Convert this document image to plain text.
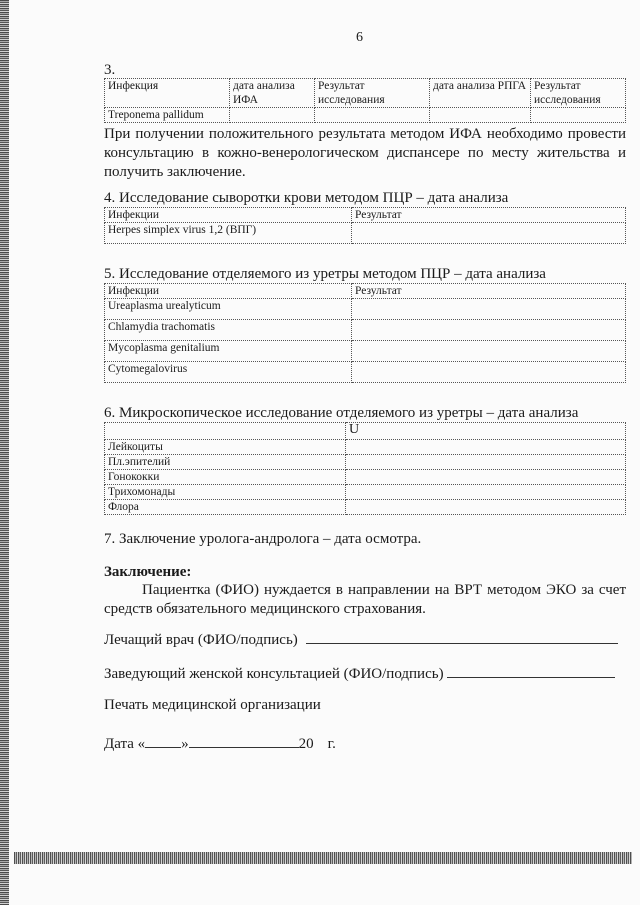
6
3.
Инфекция	дата анализа ИФА	Результат исследования	дата анализа РПГА	Результат исследования
Treponema pallidum				
При получении положительного результата методом ИФА необходимо провести консультацию в кожно-венерологическом диспансере по месту жительства и получить заключение.
4. Исследование сыворотки крови методом ПЦР – дата анализа
Инфекции	Результат
Herpes simplex virus 1,2 (ВПГ)	
5. Исследование отделяемого из уретры методом ПЦР – дата анализа
Инфекции	Результат
Ureaplasma urealyticum	
Chlamydia trachomatis	
Mycoplasma genitalium	
Cytomegalovirus	
6. Микроскопическое исследование отделяемого из уретры – дата анализа
	U
Лейкоциты	
Пл.эпителий	
Гонококки	
Трихомонады	
Флора	
7. Заключение уролога-андролога – дата осмотра.
Заключение:
Пациентка (ФИО) нуждается в направлении на ВРТ методом ЭКО за счет средств обязательного медицинского страхования.
Лечащий врач (ФИО/подпись)
Заведующий женской консультацией (ФИО/подпись)
Печать медицинской организации
Дата « »	20 г.
